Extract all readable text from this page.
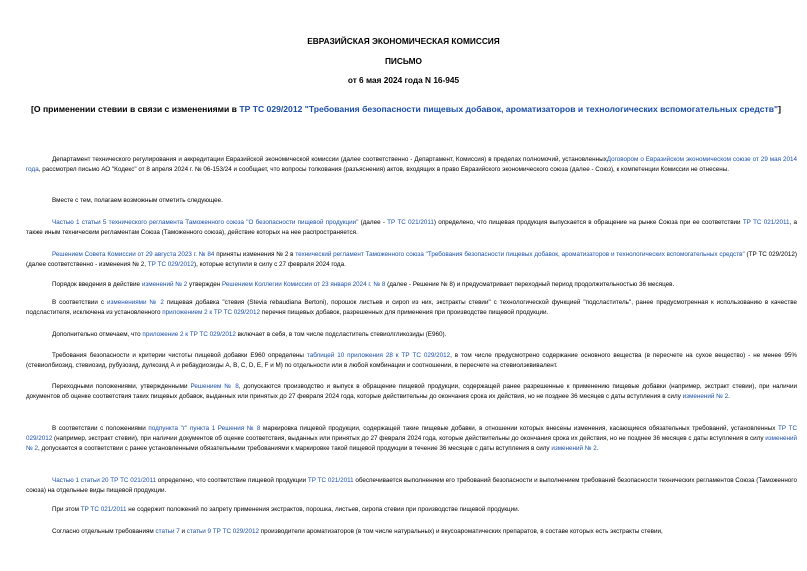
ЕВРАЗИЙСКАЯ ЭКОНОМИЧЕСКАЯ КОМИССИЯ
ПИСЬМО
от 6 мая 2024 года N 16-945
[О применении стевии в связи с изменениями в ТР ТС 029/2012 "Требования безопасности пищевых добавок, ароматизаторов и технологических вспомогательных средств"]

Департамент технического регулирования и аккредитации Евразийской экономической комиссии (далее соответственно - Департамент, Комиссия) в пределах полномочий, установленныхДоговором о Евразийском экономическом союзе от 29 мая 2014 года, рассмотрел письмо АО "Кодекс" от 8 апреля 2024 г. № 06-153/24 и сообщает, что вопросы толкования (разъяснения) актов, входящих в право Евразийского экономического союза (далее - Союз), к компетенции Комиссии не отнесены.

Вместе с тем, полагаем возможным отметить следующее.

Частью 1 статьи 5 технического регламента Таможенного союза "О безопасности пищевой продукции" (далее - ТР ТС 021/2011) определено, что пищевая продукция выпускается в обращение на рынке Союза при ее соответствии ТР ТС 021/2011, а также иным техническим регламентам Союза (Таможенного союза), действие которых на нее распространяется.

Решением Совета Комиссии от 29 августа 2023 г. № 84 приняты изменения № 2 в технический регламент Таможенного союза "Требования безопасности пищевых добавок, ароматизаторов и технологических вспомогательных средств" (ТР ТС 029/2012) (далее соответственно - изменения № 2, ТР ТС 029/2012), которые вступили в силу с 27 февраля 2024 года.

Порядок введения в действие изменений № 2 утвержден Решением Коллегии Комиссии от 23 января 2024 г. № 8 (далее - Решение № 8) и предусматривает переходный период продолжительностью 36 месяцев.

В соответствии с изменениями № 2 пищевая добавка "стевия (Stevia rebaudiana Bertoni), порошок листьев и сироп из них, экстракты стевии" с технологической функцией "подсластитель", ранее предусмотренная к использованию в качестве подсластителя, исключена из установленного приложением 2 к ТР ТС 029/2012 перечня пищевых добавок, разрешенных для применения при производстве пищевой продукции.

Дополнительно отмечаем, что приложение 2 к ТР ТС 029/2012 включает в себя, в том числе подсластитель стевиолгликозиды (Е960).

Требования безопасности и критерии чистоты пищевой добавки Е960 определены таблицей 10 приложения 28 к ТР ТС 029/2012, в том числе предусмотрено содержание основного вещества (в пересчете на сухое вещество) - не менее 95% (стевиолбиозид, стевиозид, рубузозид, дулкозид А и ребаудиозиды A, B, C, D, E, F и M) по отдельности или в любой комбинации и соотношении, в пересчете на стевиолэквивалент.

Переходными положениями, утвержденными Решением № 8, допускаются производство и выпуск в обращение пищевой продукции, содержащей ранее разрешенные к применению пищевые добавки (например, экстракт стевии), при наличии документов об оценке соответствия таких пищевых добавок, выданных или принятых до 27 февраля 2024 года, которые действительны до окончания срока их действия, но не позднее 36 месяцев с даты вступления в силу изменений № 2.

В соответствии с положениями подпункта "г" пункта 1 Решения № 8 маркировка пищевой продукции, содержащей такие пищевые добавки, в отношении которых внесены изменения, касающиеся обязательных требований, установленных ТР ТС 029/2012 (например, экстракт стевии), при наличии документов об оценке соответствия, выданных или принятых до 27 февраля 2024 года, которые действительны до окончания срока их действия, но не позднее 36 месяцев с даты вступления в силу изменений № 2, допускается в соответствии с ранее установленными обязательными требованиями к маркировке такой пищевой продукции в течение 36 месяцев с даты вступления в силу изменений № 2.

Частью 1 статьи 20 ТР ТС 021/2011 определено, что соответствие пищевой продукции ТР ТС 021/2011 обеспечивается выполнением его требований безопасности и выполнением требований безопасности технических регламентов Союза (Таможенного союза) на отдельные виды пищевой продукции.

При этом ТР ТС 021/2011 не содержит положений по запрету применения экстрактов, порошка, листьев, сиропа стевии при производстве пищевой продукции.

Согласно отдельным требованиям статьи 7 и статьи 9 ТР ТС 029/2012 производители ароматизаторов (в том числе натуральных) и вкусоароматических препаратов, в составе которых есть экстракты стевии,
